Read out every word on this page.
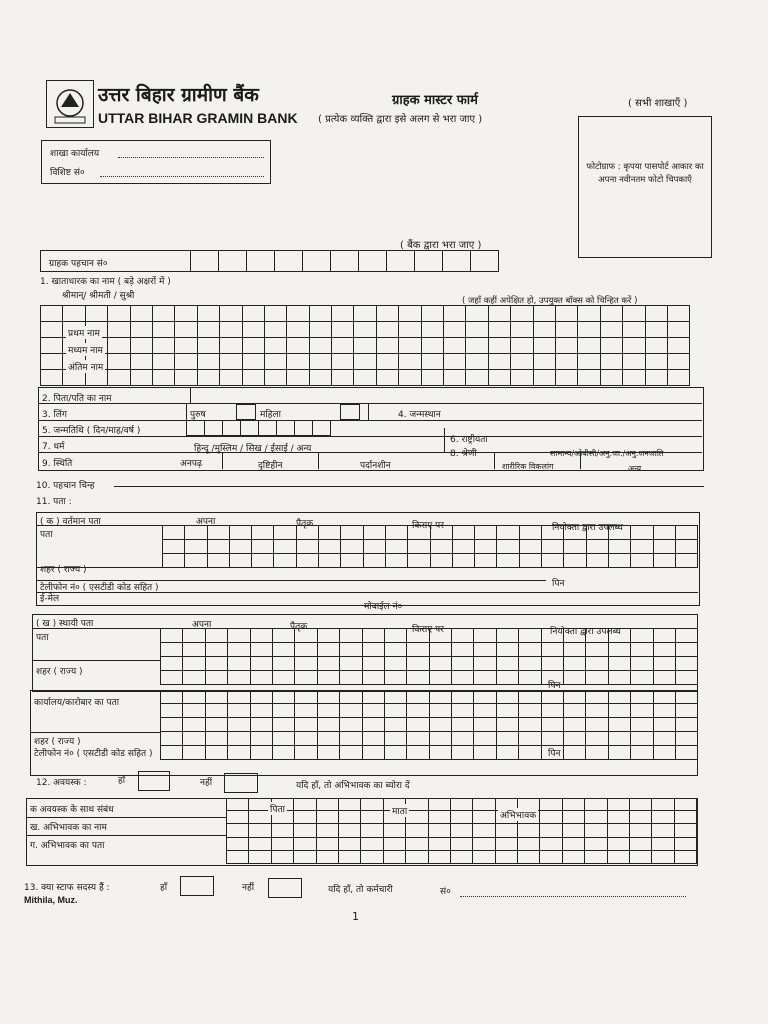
उत्तर बिहार ग्रामीण बैंक
UTTAR BIHAR GRAMIN BANK
ग्राहक मास्टर फार्म
( प्रत्येक व्यक्ति द्वारा इसे अलग से भरा जाए )
( सभी शाखाएँ )
शाखा कार्यालय
विशिष्ट सं०
फोटोग्राफ : कृपया पासपोर्ट आकार का अपना नवीनतम फोटो चिपकाएँ
( बैंक द्वारा भरा जाए )
ग्राहक पहचान सं०
1. खाताधारक का नाम ( बड़े अक्षरों में )
श्रीमान्/ श्रीमती / सुश्री	( जहाँ कहीं अपेक्षित हो, उपयुक्त बॉक्स को चिन्हित करें )
प्रथम नाम
मध्यम नाम
अंतिम नाम
2. पिता/पति का नाम
3. लिंग	पुरुष	महिला	4. जन्मस्थान
5. जन्मतिथि ( दिन/माह/वर्ष )
6. राष्ट्रीयता
7. धर्म	हिन्दू /मुस्लिम / सिख / ईसाई / अन्य	8. श्रेणी	सामान्य/ओबीसी/अनु.जा./अनु.जनजाति
9. स्थिति	अनपढ़	दृष्टिहीन	पर्दानशीन	शारीरिक विकलांग	अन्य
10. पहचान चिन्ह
11. पता :
( क ) वर्तमान पता	अपना	पैतृक	किराए पर	नियोक्ता द्वारा उपलब्ध
पता
शहर ( राज्य )
पिन
टेलीफोन नं० ( एसटीडी कोड सहित )
ई-मेल
मोबाईल नं०
( ख ) स्थायी पता	अपना	पैतृक	किराए पर	नियोक्ता द्वारा उपलब्ध
पता
शहर ( राज्य )
पिन
कार्यालय/कारोबार का पता
शहर ( राज्य )
टेलीफोन नं० ( एसटीडी कोड सहित )	पिन
12. अवयस्क :	हाँ	नहीं	यदि हाँ, तो अभिभावक का ब्योरा दें
क अवयस्क के साथ संबंध	पिता	माता	अभिभावक
ख. अभिभावक का नाम
ग. अभिभावक का पता
13. क्या स्टाफ सदस्य हैं :	हाँ	नहीं	यदि हाँ, तो कर्मचारी	सं०
Mithila, Muz.
1
